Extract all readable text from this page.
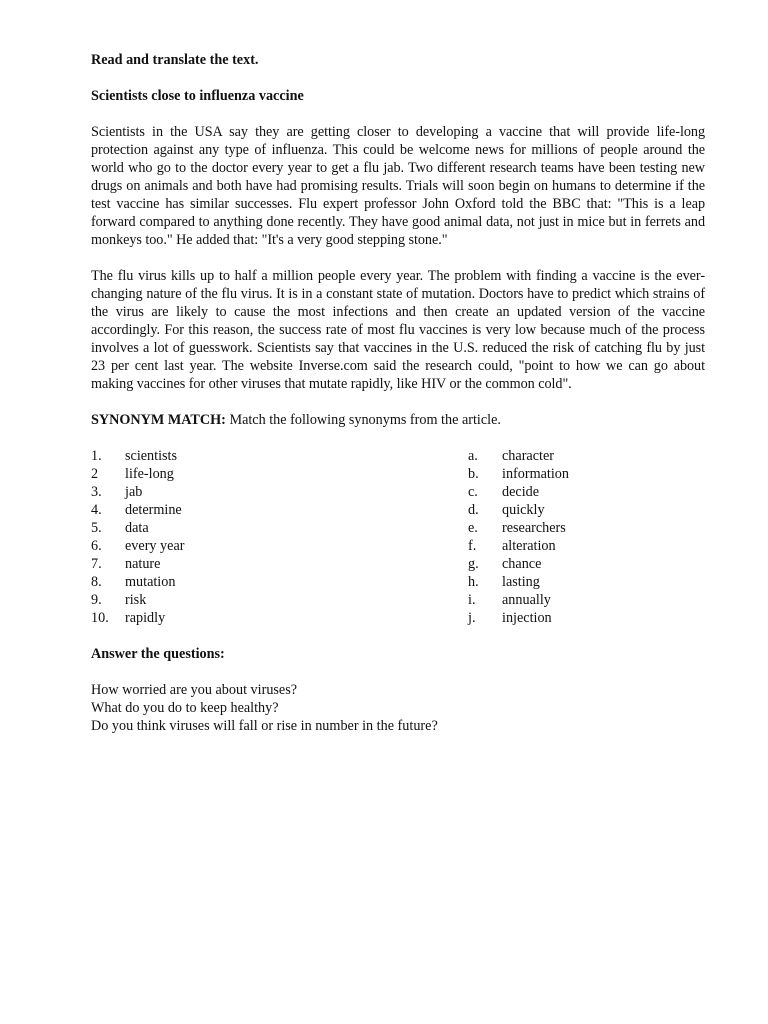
Read and translate the text.

Scientists close to influenza vaccine

Scientists in the USA say they are getting closer to developing a vaccine that will provide life-long protection against any type of influenza. This could be welcome news for millions of people around the world who go to the doctor every year to get a flu jab. Two different research teams have been testing new drugs on animals and both have had promising results. Trials will soon begin on humans to determine if the test vaccine has similar successes. Flu expert professor John Oxford told the BBC that: "This is a leap forward compared to anything done recently. They have good animal data, not just in mice but in ferrets and monkeys too." He added that: "It's a very good stepping stone."

The flu virus kills up to half a million people every year. The problem with finding a vaccine is the ever-changing nature of the flu virus. It is in a constant state of mutation. Doctors have to predict which strains of the virus are likely to cause the most infections and then create an updated version of the vaccine accordingly. For this reason, the success rate of most flu vaccines is very low because much of the process involves a lot of guesswork. Scientists say that vaccines in the U.S. reduced the risk of catching flu by just 23 per cent last year. The website Inverse.com said the research could, "point to how we can go about making vaccines for other viruses that mutate rapidly, like HIV or the common cold".

SYNONYM MATCH: Match the following synonyms from the article.

1. scientists
2 life-long
3. jab
4. determine
5. data
6. every year
7. nature
8. mutation
9. risk
10. rapidly
a. character
b. information
c. decide
d. quickly
e. researchers
f. alteration
g. chance
h. lasting
i. annually
j. injection

Answer the questions:

How worried are you about viruses?

What do you do to keep healthy?

Do you think viruses will fall or rise in number in the future?
